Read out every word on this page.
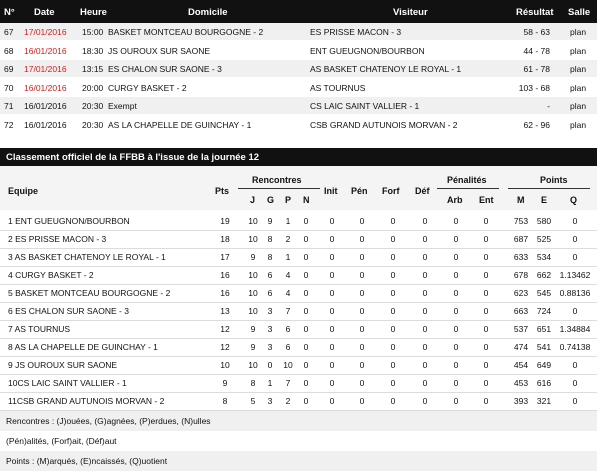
N° Date	Heure	Domicile	Visiteur	Résultat Salle
67 17/01/2016 15:00 BASKET MONTCEAU BOURGOGNE - 2	ES PRISSE MACON - 3	58 - 63 plan
68 16/01/2016 18:30 JS OUROUX SUR SAONE	ENT GUEUGNON/BOURBON	44 - 78 plan
69 17/01/2016 13:15 ES CHALON SUR SAONE - 3	AS BASKET CHATENOY LE ROYAL - 1	61 - 78 plan
70 16/01/2016 20:00 CURGY BASKET - 2	AS TOURNUS	103 - 68 plan
71 16/01/2016 20:30 Exempt	CS LAIC SAINT VALLIER - 1	- plan
72 16/01/2016 20:30 AS LA CHAPELLE DE GUINCHAY - 1	CSB GRAND AUTUNOIS MORVAN - 2	62 - 96 plan
Classement officiel de la FFBB à l'issue de la journée 12
Equipe	Pts
Rencontres
J G P N
Init Pén Forf Déf
Pénalités
Arb Ent
Points
M E	Q
1 ENT GUEUGNON/BOURBON	19	10	9	1	0	0	0	0	0	0	0	753	580	0
2 ES PRISSE MACON - 3	18	10	8	2	0	0	0	0	0	0	0	687	525	0
3 AS BASKET CHATENOY LE ROYAL - 1	17	9	8	1	0	0	0	0	0	0	0	633	534	0
4 CURGY BASKET - 2	16	10	6	4	0	0	0	0	0	0	0	678	662	1.13462
5 BASKET MONTCEAU BOURGOGNE - 2	16	10	6	4	0	0	0	0	0	0	0	623	545	0.88136
6 ES CHALON SUR SAONE - 3	13	10	3	7	0	0	0	0	0	0	0	663	724	0
7 AS TOURNUS	12	9	3	6	0	0	0	0	0	0	0	537	651	1.34884
8 AS LA CHAPELLE DE GUINCHAY - 1	12	9	3	6	0	0	0	0	0	0	0	474	541	0.74138
9 JS OUROUX SUR SAONE	10	10	0	10	0	0	0	0	0	0	0	454	649	0
10CS LAIC SAINT VALLIER - 1	9	8	1	7	0	0	0	0	0	0	0	453	616	0
11CSB GRAND AUTUNOIS MORVAN - 2	8	5	3	2	0	0	0	0	0	0	0	393	321	0
Rencontres : (J)ouées, (G)agnées, (P)erdues, (N)ulles
(Pén)alités, (Forf)ait, (Déf)aut
Points : (M)arqués, (E)ncaissés, (Q)uotient
